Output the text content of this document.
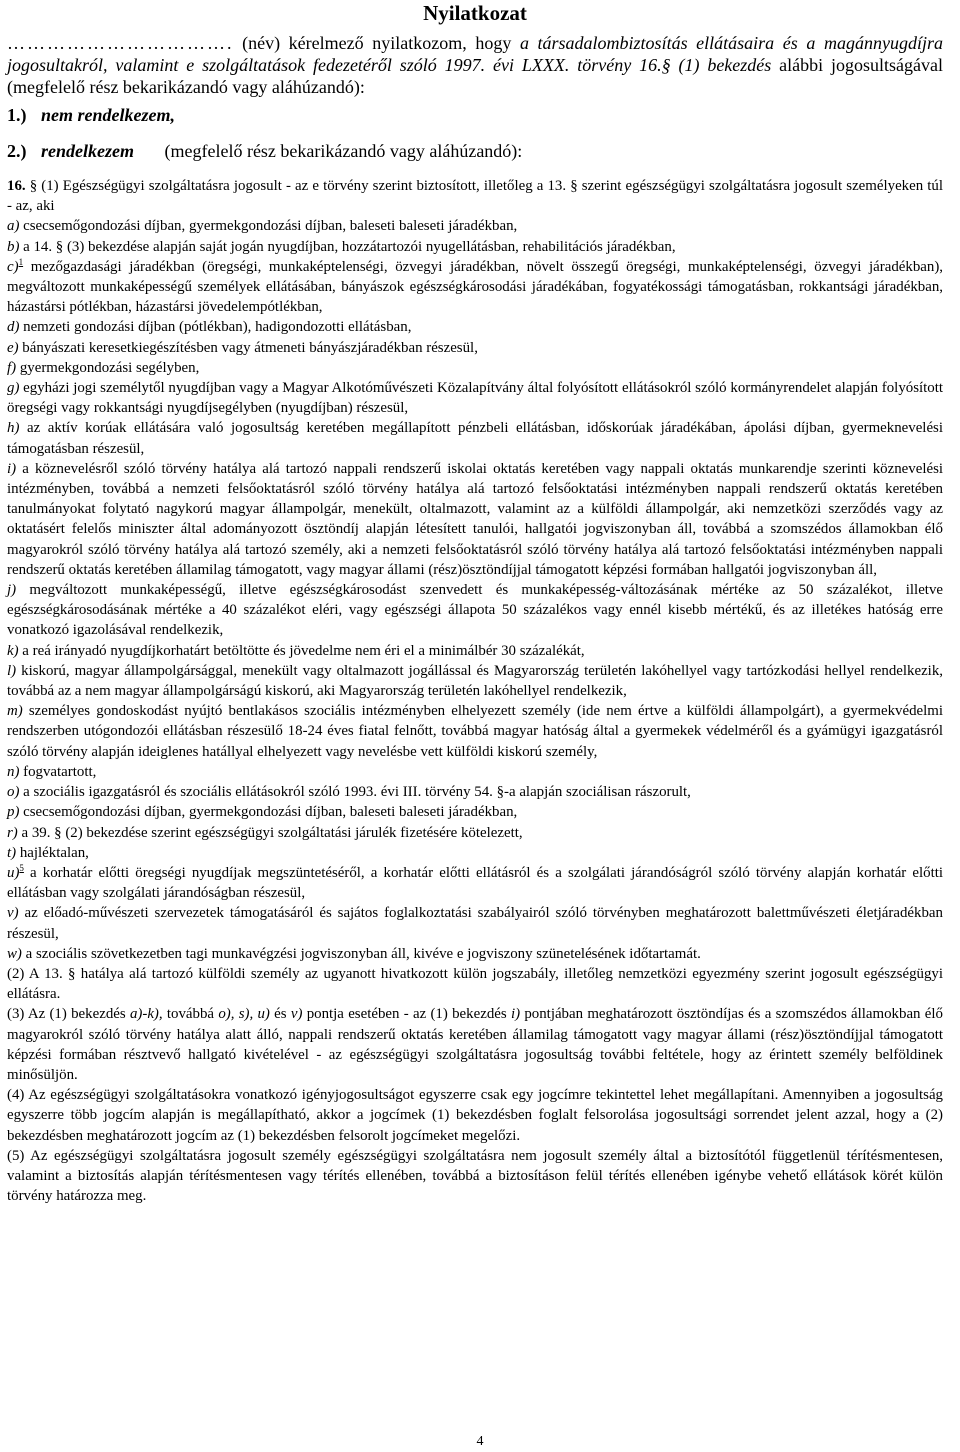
Nyilatkozat

……………………………. (név) kérelmező nyilatkozom, hogy a társadalombiztosítás ellátásaira és a magánnyugdíjra jogosultakról, valamint e szolgáltatások fedezetéről szóló 1997. évi LXXX. törvény 16.§ (1) bekezdés alábbi jogosultságával (megfelelő rész bekarikázandó vagy aláhúzandó):

1.) nem rendelkezem,
2.) rendelkezem (megfelelő rész bekarikázandó vagy aláhúzandó):

16. § (1) Egészségügyi szolgáltatásra jogosult - az e törvény szerint biztosított, illetőleg a 13. § szerint egészségügyi szolgáltatásra jogosult személyeken túl - az, aki

a) csecsemőgondozási díjban, gyermekgondozási díjban, baleseti baleseti járadékban,

b) a 14. § (3) bekezdése alapján saját jogán nyugdíjban, hozzátartozói nyugellátásban, rehabilitációs járadékban,

c)$^1$ mezőgazdasági járadékban (öregségi, munkaképtelenségi, özvegyi járadékban, növelt összegű öregségi, munkaképtelenségi, özvegyi járadékban), megváltozott munkaképességű személyek ellátásában, bányászok egészségkárosodási járadékában, fogyatékossági támogatásban, rokkantsági járadékban, házastársi pótlékban, házastársi jövedelempótlékban,

d) nemzeti gondozási díjban (pótlékban), hadigondozotti ellátásban,

e) bányászati keresetkiegészítésben vagy átmeneti bányászjáradékban részesül,

f) gyermekgondozási segélyben,

g) egyházi jogi személytől nyugdíjban vagy a Magyar Alkotóművészeti Közalapítvány által folyósított ellátásokról szóló kormányrendelet alapján folyósított öregségi vagy rokkantsági nyugdíjsegélyben (nyugdíjban) részesül,

h) az aktív korúak ellátására való jogosultság keretében megállapított pénzbeli ellátásban, időskorúak járadékában, ápolási díjban, gyermeknevelési támogatásban részesül,

i) a köznevelésről szóló törvény hatálya alá tartozó nappali rendszerű iskolai oktatás keretében vagy nappali oktatás munkarendje szerinti köznevelési intézményben, továbbá a nemzeti felsőoktatásról szóló törvény hatálya alá tartozó felsőoktatási intézményben nappali rendszerű oktatás keretében tanulmányokat folytató nagykorú magyar állampolgár, menekült, oltalmazott, valamint az a külföldi állampolgár, aki nemzetközi szerződés vagy az oktatásért felelős miniszter által adományozott ösztöndíj alapján létesített tanulói, hallgatói jogviszonyban áll, továbbá a szomszédos államokban élő magyarokról szóló törvény hatálya alá tartozó személy, aki a nemzeti felsőoktatásról szóló törvény hatálya alá tartozó felsőoktatási intézményben nappali rendszerű oktatás keretében államilag támogatott, vagy magyar állami (rész)ösztöndíjjal támogatott képzési formában hallgatói jogviszonyban áll,

j) megváltozott munkaképességű, illetve egészségkárosodást szenvedett és munkaképesség-változásának mértéke az 50 százalékot, illetve egészségkárosodásának mértéke a 40 százalékot eléri, vagy egészségi állapota 50 százalékos vagy ennél kisebb mértékű, és az illetékes hatóság erre vonatkozó igazolásával rendelkezik,

k) a reá irányadó nyugdíjkorhatárt betöltötte és jövedelme nem éri el a minimálbér 30 százalékát,

l) kiskorú, magyar állampolgársággal, menekült vagy oltalmazott jogállással és Magyarország területén lakóhellyel vagy tartózkodási hellyel rendelkezik, továbbá az a nem magyar állampolgárságú kiskorú, aki Magyarország területén lakóhellyel rendelkezik,

m) személyes gondoskodást nyújtó bentlakásos szociális intézményben elhelyezett személy (ide nem értve a külföldi állampolgárt), a gyermekvédelmi rendszerben utógondozói ellátásban részesülő 18-24 éves fiatal felnőtt, továbbá magyar hatóság által a gyermekek védelméről és a gyámügyi igazgatásról szóló törvény alapján ideiglenes hatállyal elhelyezett vagy nevelésbe vett külföldi kiskorú személy,

n) fogvatartott,

o) a szociális igazgatásról és szociális ellátásokról szóló 1993. évi III. törvény 54. §-a alapján szociálisan rászorult,

p) csecsemőgondozási díjban, gyermekgondozási díjban, baleseti baleseti járadékban,

r) a 39. § (2) bekezdése szerint egészségügyi szolgáltatási járulék fizetésére kötelezett,

t) hajléktalan,

u)$^5$ a korhatár előtti öregségi nyugdíjak megszüntetéséről, a korhatár előtti ellátásról és a szolgálati járandóságról szóló törvény alapján korhatár előtti ellátásban vagy szolgálati járandóságban részesül,

v) az előadó-művészeti szervezetek támogatásáról és sajátos foglalkoztatási szabályairól szóló törvényben meghatározott balettművészeti életjáradékban részesül,

w) a szociális szövetkezetben tagi munkavégzési jogviszonyban áll, kivéve e jogviszony szünetelésének időtartamát.

(2) A 13. § hatálya alá tartozó külföldi személy az ugyanott hivatkozott külön jogszabály, illetőleg nemzetközi egyezmény szerint jogosult egészségügyi ellátásra.

(3) Az (1) bekezdés a)-k), továbbá o), s), u) és v) pontja esetében - az (1) bekezdés i) pontjában meghatározott ösztöndíjas és a szomszédos államokban élő magyarokról szóló törvény hatálya alatt álló, nappali rendszerű oktatás keretében államilag támogatott vagy magyar állami (rész)ösztöndíjjal támogatott képzési formában résztvevő hallgató kivételével - az egészségügyi szolgáltatásra jogosultság további feltétele, hogy az érintett személy belföldinek minősüljön.

(4) Az egészségügyi szolgáltatásokra vonatkozó igényjogosultságot egyszerre csak egy jogcímre tekintettel lehet megállapítani. Amennyiben a jogosultság egyszerre több jogcím alapján is megállapítható, akkor a jogcímek (1) bekezdésben foglalt felsorolása jogosultsági sorrendet jelent azzal, hogy a (2) bekezdésben meghatározott jogcím az (1) bekezdésben felsorolt jogcímeket megelőzi.

(5) Az egészségügyi szolgáltatásra jogosult személy egészségügyi szolgáltatásra nem jogosult személy által a biztosítótól függetlenül térítésmentesen, valamint a biztosítás alapján térítésmentesen vagy térítés ellenében, továbbá a biztosításon felül térítés ellenében igénybe vehető ellátások körét külön törvény határozza meg.

4
